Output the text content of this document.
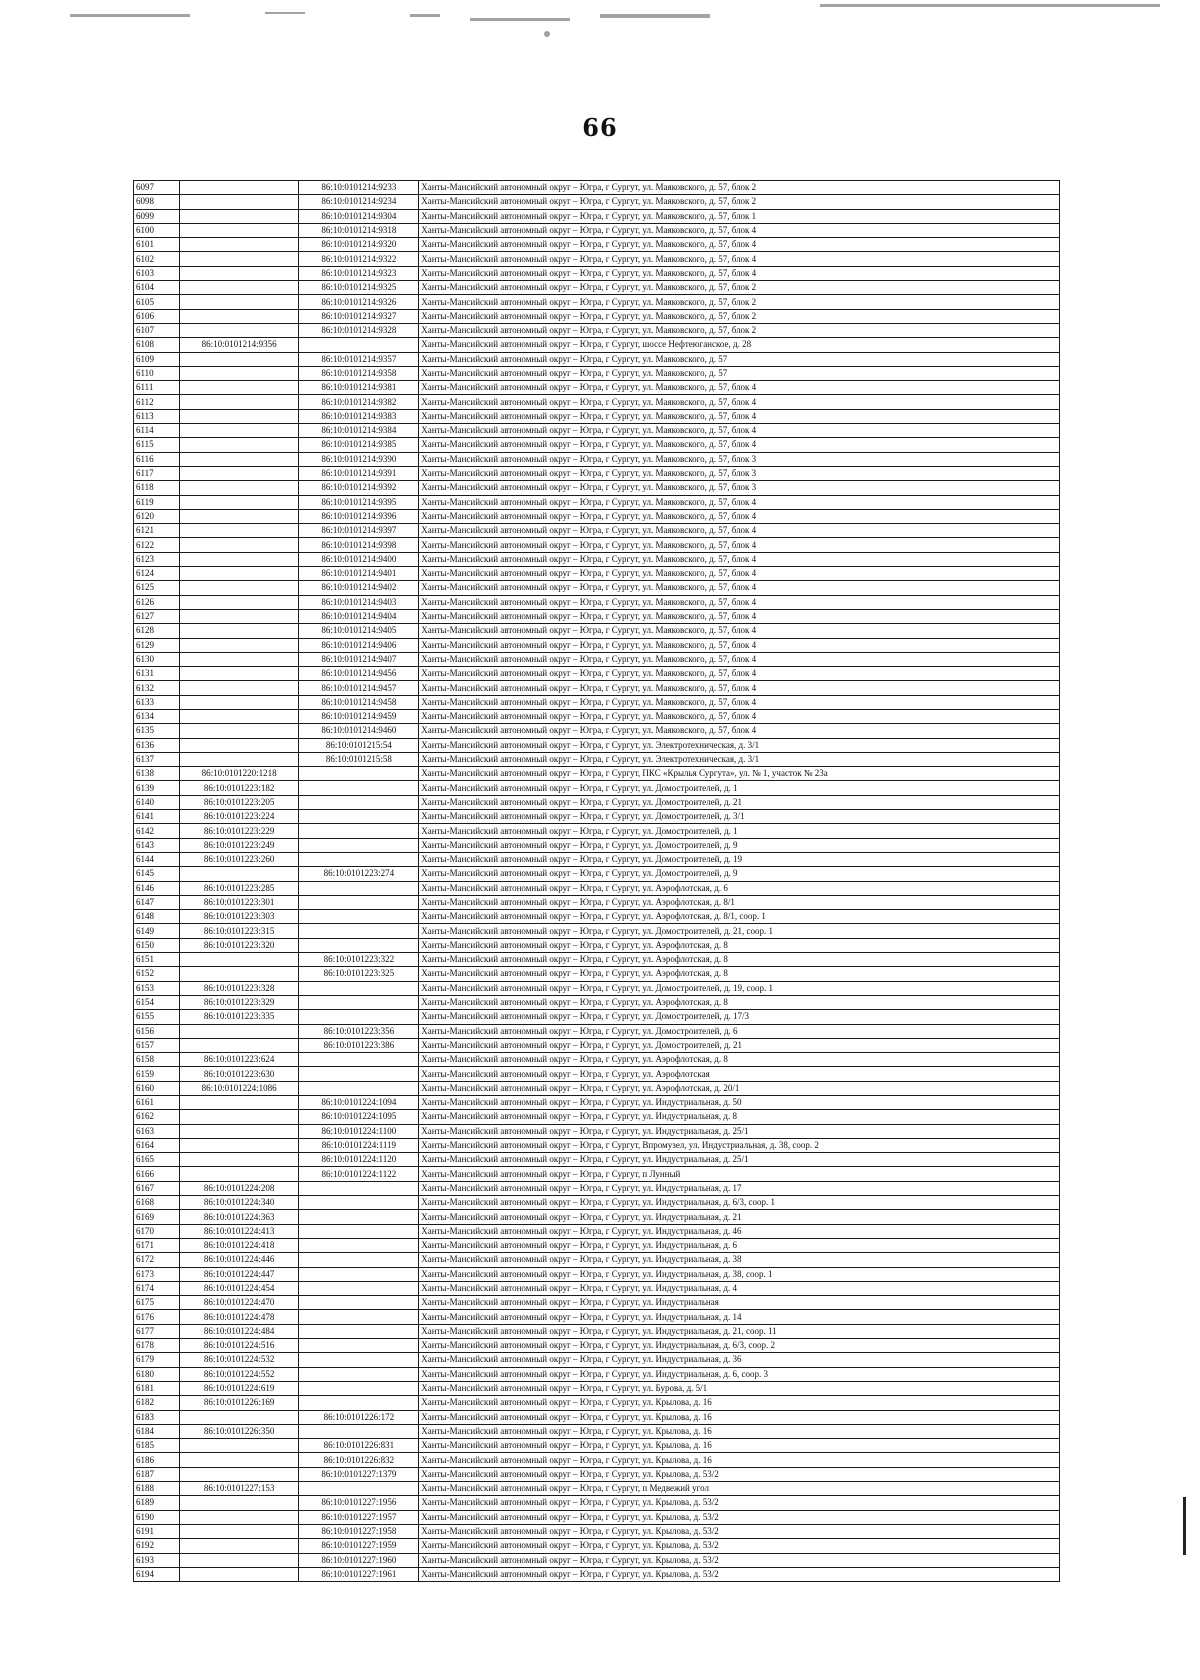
66
6097		86:10:0101214:9233	Ханты-Мансийский автономный округ – Югра, г Сургут, ул. Маяковского, д. 57, блок 2
6098		86:10:0101214:9234	Ханты-Мансийский автономный округ – Югра, г Сургут, ул. Маяковского, д. 57, блок 2
6099		86:10:0101214:9304	Ханты-Мансийский автономный округ – Югра, г Сургут, ул. Маяковского, д. 57, блок 1
6100		86:10:0101214:9318	Ханты-Мансийский автономный округ – Югра, г Сургут, ул. Маяковского, д. 57, блок 4
6101		86:10:0101214:9320	Ханты-Мансийский автономный округ – Югра, г Сургут, ул. Маяковского, д. 57, блок 4
6102		86:10:0101214:9322	Ханты-Мансийский автономный округ – Югра, г Сургут, ул. Маяковского, д. 57, блок 4
6103		86:10:0101214:9323	Ханты-Мансийский автономный округ – Югра, г Сургут, ул. Маяковского, д. 57, блок 4
6104		86:10:0101214:9325	Ханты-Мансийский автономный округ – Югра, г Сургут, ул. Маяковского, д. 57, блок 2
6105		86:10:0101214:9326	Ханты-Мансийский автономный округ – Югра, г Сургут, ул. Маяковского, д. 57, блок 2
6106		86:10:0101214:9327	Ханты-Мансийский автономный округ – Югра, г Сургут, ул. Маяковского, д. 57, блок 2
6107		86:10:0101214:9328	Ханты-Мансийский автономный округ – Югра, г Сургут, ул. Маяковского, д. 57, блок 2
6108	86:10:0101214:9356		Ханты-Мансийский автономный округ – Югра, г Сургут, шоссе Нефтеюганское, д. 28
6109		86:10:0101214:9357	Ханты-Мансийский автономный округ – Югра, г Сургут, ул. Маяковского, д. 57
6110		86:10:0101214:9358	Ханты-Мансийский автономный округ – Югра, г Сургут, ул. Маяковского, д. 57
6111		86:10:0101214:9381	Ханты-Мансийский автономный округ – Югра, г Сургут, ул. Маяковского, д. 57, блок 4
6112		86:10:0101214:9382	Ханты-Мансийский автономный округ – Югра, г Сургут, ул. Маяковского, д. 57, блок 4
6113		86:10:0101214:9383	Ханты-Мансийский автономный округ – Югра, г Сургут, ул. Маяковского, д. 57, блок 4
6114		86:10:0101214:9384	Ханты-Мансийский автономный округ – Югра, г Сургут, ул. Маяковского, д. 57, блок 4
6115		86:10:0101214:9385	Ханты-Мансийский автономный округ – Югра, г Сургут, ул. Маяковского, д. 57, блок 4
6116		86:10:0101214:9390	Ханты-Мансийский автономный округ – Югра, г Сургут, ул. Маяковского, д. 57, блок 3
6117		86:10:0101214:9391	Ханты-Мансийский автономный округ – Югра, г Сургут, ул. Маяковского, д. 57, блок 3
6118		86:10:0101214:9392	Ханты-Мансийский автономный округ – Югра, г Сургут, ул. Маяковского, д. 57, блок 3
6119		86:10:0101214:9395	Ханты-Мансийский автономный округ – Югра, г Сургут, ул. Маяковского, д. 57, блок 4
6120		86:10:0101214:9396	Ханты-Мансийский автономный округ – Югра, г Сургут, ул. Маяковского, д. 57, блок 4
6121		86:10:0101214:9397	Ханты-Мансийский автономный округ – Югра, г Сургут, ул. Маяковского, д. 57, блок 4
6122		86:10:0101214:9398	Ханты-Мансийский автономный округ – Югра, г Сургут, ул. Маяковского, д. 57, блок 4
6123		86:10:0101214:9400	Ханты-Мансийский автономный округ – Югра, г Сургут, ул. Маяковского, д. 57, блок 4
6124		86:10:0101214:9401	Ханты-Мансийский автономный округ – Югра, г Сургут, ул. Маяковского, д. 57, блок 4
6125		86:10:0101214:9402	Ханты-Мансийский автономный округ – Югра, г Сургут, ул. Маяковского, д. 57, блок 4
6126		86:10:0101214:9403	Ханты-Мансийский автономный округ – Югра, г Сургут, ул. Маяковского, д. 57, блок 4
6127		86:10:0101214:9404	Ханты-Мансийский автономный округ – Югра, г Сургут, ул. Маяковского, д. 57, блок 4
6128		86:10:0101214:9405	Ханты-Мансийский автономный округ – Югра, г Сургут, ул. Маяковского, д. 57, блок 4
6129		86:10:0101214:9406	Ханты-Мансийский автономный округ – Югра, г Сургут, ул. Маяковского, д. 57, блок 4
6130		86:10:0101214:9407	Ханты-Мансийский автономный округ – Югра, г Сургут, ул. Маяковского, д. 57, блок 4
6131		86:10:0101214:9456	Ханты-Мансийский автономный округ – Югра, г Сургут, ул. Маяковского, д. 57, блок 4
6132		86:10:0101214:9457	Ханты-Мансийский автономный округ – Югра, г Сургут, ул. Маяковского, д. 57, блок 4
6133		86:10:0101214:9458	Ханты-Мансийский автономный округ – Югра, г Сургут, ул. Маяковского, д. 57, блок 4
6134		86:10:0101214:9459	Ханты-Мансийский автономный округ – Югра, г Сургут, ул. Маяковского, д. 57, блок 4
6135		86:10:0101214:9460	Ханты-Мансийский автономный округ – Югра, г Сургут, ул. Маяковского, д. 57, блок 4
6136		86:10:0101215:54	Ханты-Мансийский автономный округ – Югра, г Сургут, ул. Электротехническая, д. 3/1
6137		86:10:0101215:58	Ханты-Мансийский автономный округ – Югра, г Сургут, ул. Электротехническая, д. 3/1
6138	86:10:0101220:1218		Ханты-Мансийский автономный округ – Югра, г Сургут, ПКС «Крылья Сургута», ул. № 1, участок № 23а
6139	86:10:0101223:182		Ханты-Мансийский автономный округ – Югра, г Сургут, ул. Домостроителей, д. 1
6140	86:10:0101223:205		Ханты-Мансийский автономный округ – Югра, г Сургут, ул. Домостроителей, д. 21
6141	86:10:0101223:224		Ханты-Мансийский автономный округ – Югра, г Сургут, ул. Домостроителей, д. 3/1
6142	86:10:0101223:229		Ханты-Мансийский автономный округ – Югра, г Сургут, ул. Домостроителей, д. 1
6143	86:10:0101223:249		Ханты-Мансийский автономный округ – Югра, г Сургут, ул. Домостроителей, д. 9
6144	86:10:0101223:260		Ханты-Мансийский автономный округ – Югра, г Сургут, ул. Домостроителей, д. 19
6145		86:10:0101223:274	Ханты-Мансийский автономный округ – Югра, г Сургут, ул. Домостроителей, д. 9
6146	86:10:0101223:285		Ханты-Мансийский автономный округ – Югра, г Сургут, ул. Аэрофлотская, д. 6
6147	86:10:0101223:301		Ханты-Мансийский автономный округ – Югра, г Сургут, ул. Аэрофлотская, д. 8/1
6148	86:10:0101223:303		Ханты-Мансийский автономный округ – Югра, г Сургут, ул. Аэрофлотская, д. 8/1, соор. 1
6149	86:10:0101223:315		Ханты-Мансийский автономный округ – Югра, г Сургут, ул. Домостроителей, д. 21, соор. 1
6150	86:10:0101223:320		Ханты-Мансийский автономный округ – Югра, г Сургут, ул. Аэрофлотская, д. 8
6151		86:10:0101223:322	Ханты-Мансийский автономный округ – Югра, г Сургут, ул. Аэрофлотская, д. 8
6152		86:10:0101223:325	Ханты-Мансийский автономный округ – Югра, г Сургут, ул. Аэрофлотская, д. 8
6153	86:10:0101223:328		Ханты-Мансийский автономный округ – Югра, г Сургут, ул. Домостроителей, д. 19, соор. 1
6154	86:10:0101223:329		Ханты-Мансийский автономный округ – Югра, г Сургут, ул. Аэрофлотская, д. 8
6155	86:10:0101223:335		Ханты-Мансийский автономный округ – Югра, г Сургут, ул. Домостроителей, д. 17/3
6156		86:10:0101223:356	Ханты-Мансийский автономный округ – Югра, г Сургут, ул. Домостроителей, д. 6
6157		86:10:0101223:386	Ханты-Мансийский автономный округ – Югра, г Сургут, ул. Домостроителей, д. 21
6158	86:10:0101223:624		Ханты-Мансийский автономный округ – Югра, г Сургут, ул. Аэрофлотская, д. 8
6159	86:10:0101223:630		Ханты-Мансийский автономный округ – Югра, г Сургут, ул. Аэрофлотская
6160	86:10:0101224:1086		Ханты-Мансийский автономный округ – Югра, г Сургут, ул. Аэрофлотская, д. 20/1
6161		86:10:0101224:1094	Ханты-Мансийский автономный округ – Югра, г Сургут, ул. Индустриальная, д. 50
6162		86:10:0101224:1095	Ханты-Мансийский автономный округ – Югра, г Сургут, ул. Индустриальная, д. 8
6163		86:10:0101224:1100	Ханты-Мансийский автономный округ – Югра, г Сургут, ул. Индустриальная, д. 25/1
6164		86:10:0101224:1119	Ханты-Мансийский автономный округ – Югра, г Сургут, Впромузел, ул. Индустриальная, д. 38, соор. 2
6165		86:10:0101224:1120	Ханты-Мансийский автономный округ – Югра, г Сургут, ул. Индустриальная, д. 25/1
6166		86:10:0101224:1122	Ханты-Мансийский автономный округ – Югра, г Сургут, п Лунный
6167	86:10:0101224:208		Ханты-Мансийский автономный округ – Югра, г Сургут, ул. Индустриальная, д. 17
6168	86:10:0101224:340		Ханты-Мансийский автономный округ – Югра, г Сургут, ул. Индустриальная, д. 6/3, соор. 1
6169	86:10:0101224:363		Ханты-Мансийский автономный округ – Югра, г Сургут, ул. Индустриальная, д. 21
6170	86:10:0101224:413		Ханты-Мансийский автономный округ – Югра, г Сургут, ул. Индустриальная, д. 46
6171	86:10:0101224:418		Ханты-Мансийский автономный округ – Югра, г Сургут, ул. Индустриальная, д. 6
6172	86:10:0101224:446		Ханты-Мансийский автономный округ – Югра, г Сургут, ул. Индустриальная, д. 38
6173	86:10:0101224:447		Ханты-Мансийский автономный округ – Югра, г Сургут, ул. Индустриальная, д. 38, соор. 1
6174	86:10:0101224:454		Ханты-Мансийский автономный округ – Югра, г Сургут, ул. Индустриальная, д. 4
6175	86:10:0101224:470		Ханты-Мансийский автономный округ – Югра, г Сургут, ул. Индустриальная
6176	86:10:0101224:478		Ханты-Мансийский автономный округ – Югра, г Сургут, ул. Индустриальная, д. 14
6177	86:10:0101224:484		Ханты-Мансийский автономный округ – Югра, г Сургут, ул. Индустриальная, д. 21, соор. 11
6178	86:10:0101224:516		Ханты-Мансийский автономный округ – Югра, г Сургут, ул. Индустриальная, д. 6/3, соор. 2
6179	86:10:0101224:532		Ханты-Мансийский автономный округ – Югра, г Сургут, ул. Индустриальная, д. 36
6180	86:10:0101224:552		Ханты-Мансийский автономный округ – Югра, г Сургут, ул. Индустриальная, д. 6, соор. 3
6181	86:10:0101224:619		Ханты-Мансийский автономный округ – Югра, г Сургут, ул. Бурова, д. 5/1
6182	86:10:0101226:169		Ханты-Мансийский автономный округ – Югра, г Сургут, ул. Крылова, д. 16
6183		86:10:0101226:172	Ханты-Мансийский автономный округ – Югра, г Сургут, ул. Крылова, д. 16
6184	86:10:0101226:350		Ханты-Мансийский автономный округ – Югра, г Сургут, ул. Крылова, д. 16
6185		86:10:0101226:831	Ханты-Мансийский автономный округ – Югра, г Сургут, ул. Крылова, д. 16
6186		86:10:0101226:832	Ханты-Мансийский автономный округ – Югра, г Сургут, ул. Крылова, д. 16
6187		86:10:0101227:1379	Ханты-Мансийский автономный округ – Югра, г Сургут, ул. Крылова, д. 53/2
6188	86:10:0101227:153		Ханты-Мансийский автономный округ – Югра, г Сургут, п Медвежий угол
6189		86:10:0101227:1956	Ханты-Мансийский автономный округ – Югра, г Сургут, ул. Крылова, д. 53/2
6190		86:10:0101227:1957	Ханты-Мансийский автономный округ – Югра, г Сургут, ул. Крылова, д. 53/2
6191		86:10:0101227:1958	Ханты-Мансийский автономный округ – Югра, г Сургут, ул. Крылова, д. 53/2
6192		86:10:0101227:1959	Ханты-Мансийский автономный округ – Югра, г Сургут, ул. Крылова, д. 53/2
6193		86:10:0101227:1960	Ханты-Мансийский автономный округ – Югра, г Сургут, ул. Крылова, д. 53/2
6194		86:10:0101227:1961	Ханты-Мансийский автономный округ – Югра, г Сургут, ул. Крылова, д. 53/2
